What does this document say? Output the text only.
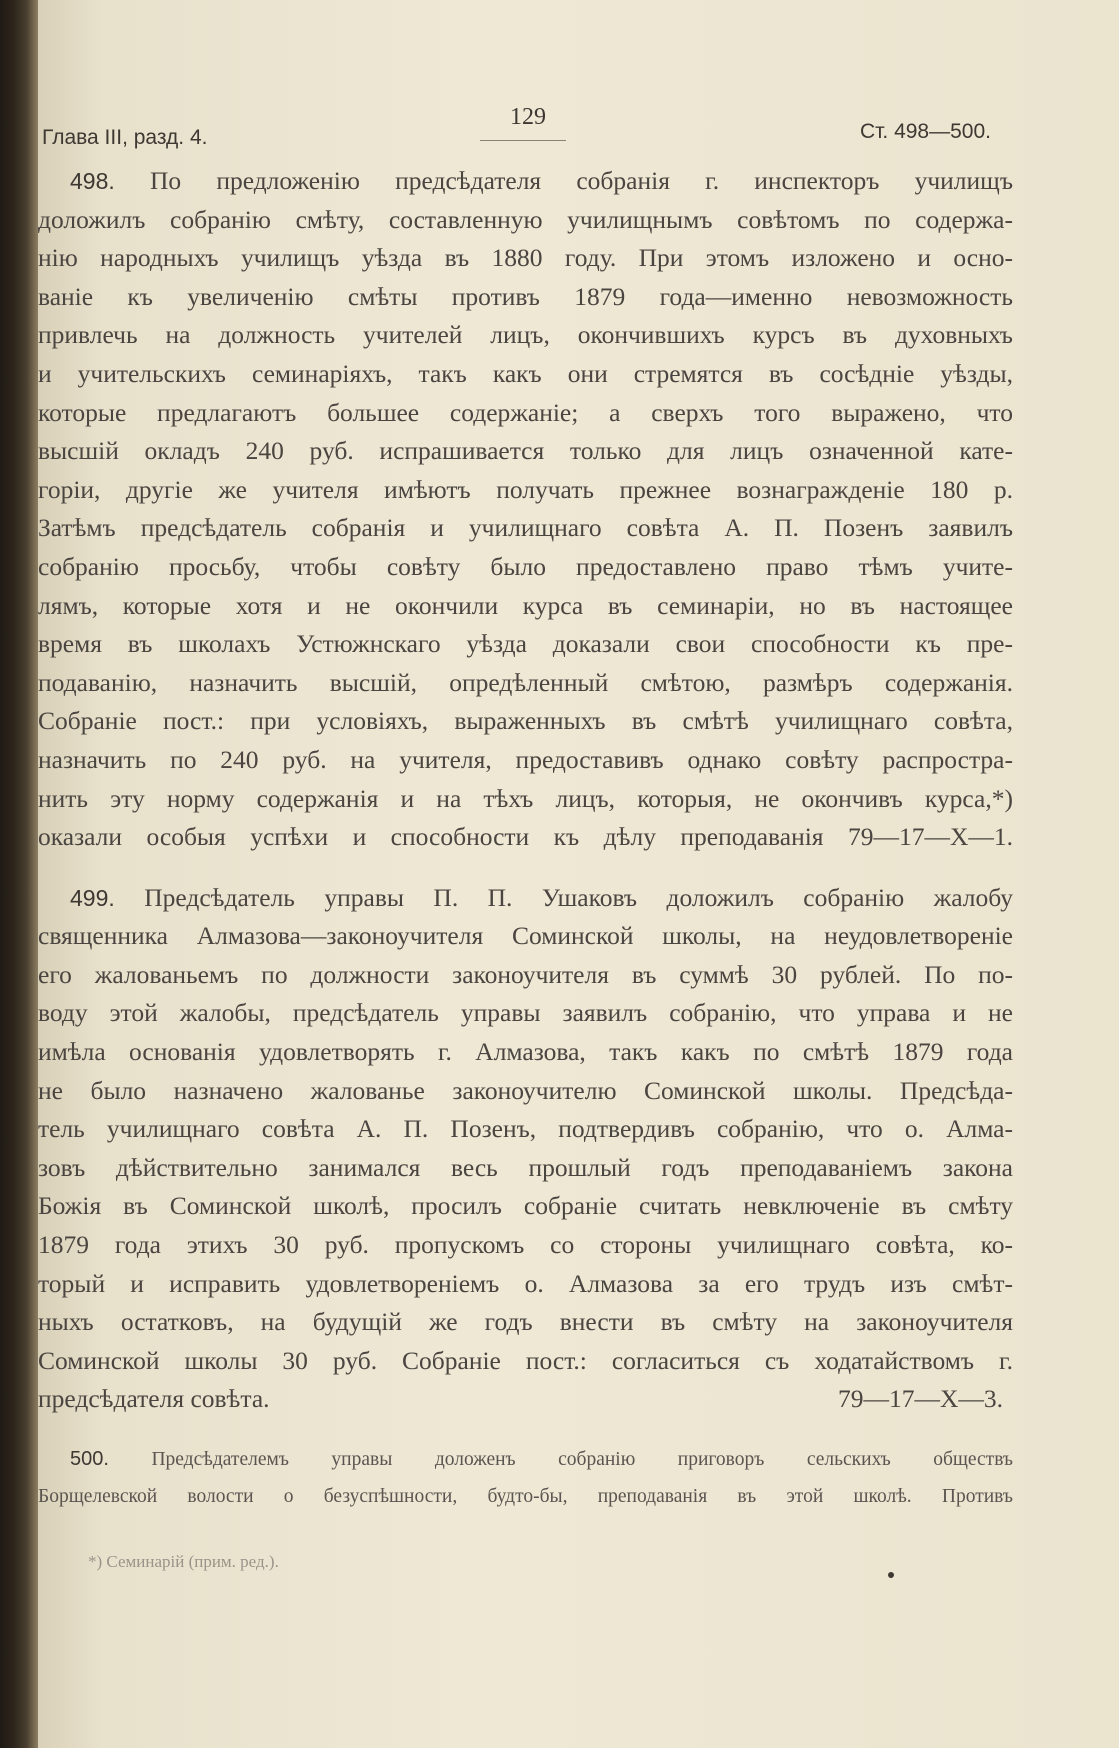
Глава III, разд. 4.
129
Ст. 498—500.
498. По предложенію предсѣдателя собранія г. инспекторъ училищъ
доложилъ собранію смѣту, составленную училищнымъ совѣтомъ по содержа-
нію народныхъ училищъ уѣзда въ 1880 году. При этомъ изложено и осно-
ваніе къ увеличенію смѣты противъ 1879 года—именно невозможность
привлечь на должность учителей лицъ, окончившихъ курсъ въ духовныхъ
и учительскихъ семинаріяхъ, такъ какъ они стремятся въ сосѣдніе уѣзды,
которые предлагаютъ большее содержаніе; а сверхъ того выражено, что
высшій окладъ 240 руб. испрашивается только для лицъ означенной кате-
горіи, другіе же учителя имѣютъ получать прежнее вознагражденіе 180 р.
Затѣмъ предсѣдатель собранія и училищнаго совѣта А. П. Позенъ заявилъ
собранію просьбу, чтобы совѣту было предоставлено право тѣмъ учите-
лямъ, которые хотя и не окончили курса въ семинаріи, но въ настоящее
время въ школахъ Устюжнскаго уѣзда доказали свои способности къ пре-
подаванію, назначить высшій, опредѣленный смѣтою, размѣръ содержанія.
Собраніе пост.: при условіяхъ, выраженныхъ въ смѣтѣ училищнаго совѣта,
назначить по 240 руб. на учителя, предоставивъ однако совѣту распростра-
нить эту норму содержанія и на тѣхъ лицъ, которыя, не окончивъ курса,*)
оказали особыя успѣхи и способности къ дѣлу преподаванія 79—17—X—1.
499. Предсѣдатель управы П. П. Ушаковъ доложилъ собранію жалобу
священника Алмазова—законоучителя Соминской школы, на неудовлетвореніе
его жалованьемъ по должности законоучителя въ суммѣ 30 рублей. По по-
воду этой жалобы, предсѣдатель управы заявилъ собранію, что управа и не
имѣла основанія удовлетворять г. Алмазова, такъ какъ по смѣтѣ 1879 года
не было назначено жалованье законоучителю Соминской школы. Предсѣда-
тель училищнаго совѣта А. П. Позенъ, подтвердивъ собранію, что о. Алма-
зовъ дѣйствительно занимался весь прошлый годъ преподаваніемъ закона
Божія въ Соминской школѣ, просилъ собраніе считать невключеніе въ смѣту
1879 года этихъ 30 руб. пропускомъ со стороны училищнаго совѣта, ко-
торый и исправить удовлетвореніемъ о. Алмазова за его трудъ изъ смѣт-
ныхъ остатковъ, на будущій же годъ внести въ смѣту на законоучителя
Соминской школы 30 руб. Собраніе пост.: согласиться съ ходатайствомъ г.
предсѣдателя совѣта.	79—17—X—3.
500. Предсѣдателемъ управы доложенъ собранію приговоръ сельскихъ обществъ
Борщелевской волости о безуспѣшности, будто-бы, преподаванія въ этой школѣ. Противъ
*) Семинарій (прим. ред.).
